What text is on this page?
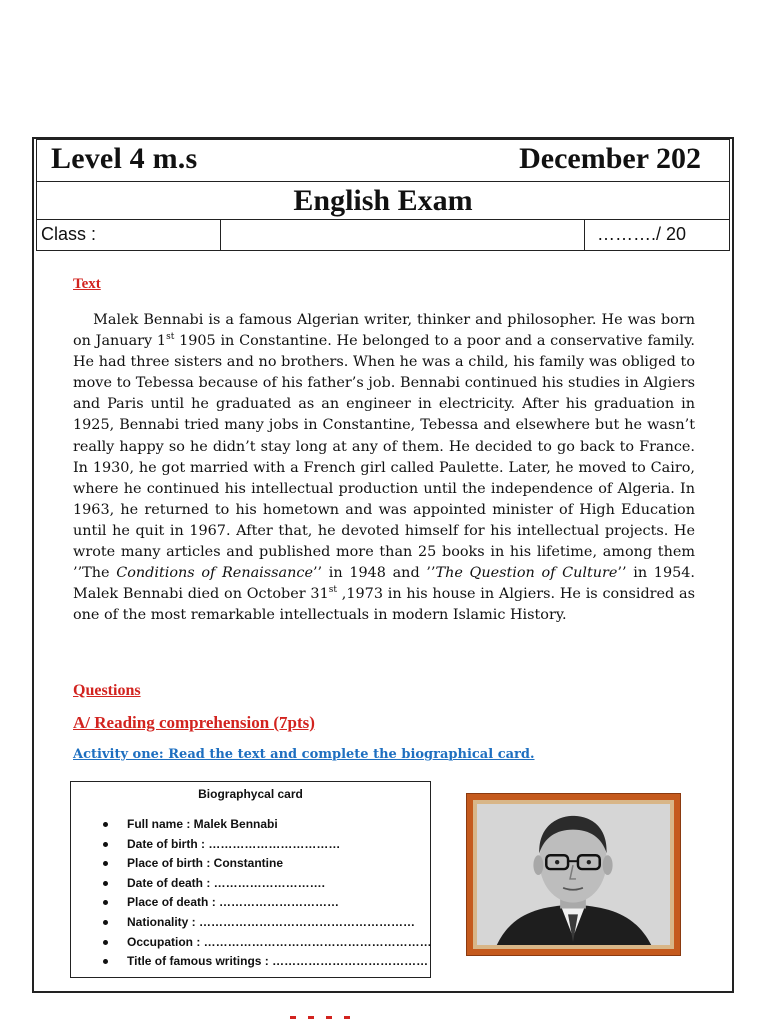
Level 4 m.s	December 202
English Exam
Class :	………./ 20
Text
Malek Bennabi is a famous Algerian writer, thinker and philosopher. He was born on January 1st 1905 in Constantine. He belonged to a poor and a conservative family. He had three sisters and no brothers. When he was a child, his family was obliged to move to Tebessa because of his father’s job. Bennabi continued his studies in Algiers and Paris until he graduated as an engineer in electricity. After his graduation in 1925, Bennabi tried many jobs in Constantine, Tebessa and elsewhere but he wasn’t really happy so he didn’t stay long at any of them. He decided to go back to France. In 1930, he got married with a French girl called Paulette. Later, he moved to Cairo, where he continued his intellectual production until the independence of Algeria. In 1963, he returned to his hometown and was appointed minister of High Education until he quit in 1967. After that, he devoted himself for his intellectual projects. He wrote many articles and published more than 25 books in his lifetime, among them ’’The Conditions of Renaissance’’ in 1948 and ’’The Question of Culture’’ in 1954. Malek Bennabi died on October 31st ,1973 in his house in Algiers. He is considred as one of the most remarkable intellectuals in modern Islamic History.
Questions
A/ Reading comprehension (7pts)
Activity one: Read the text and complete the biographical card.
Biographycal card
Full name : Malek Bennabi
Date of birth : ……………………………
Place of birth : Constantine
Date of death : ……………………….
Place of death : …………………………
Nationality : ………………………………………………
Occupation : …………………………………………………
Title of famous writings : …………………………………
